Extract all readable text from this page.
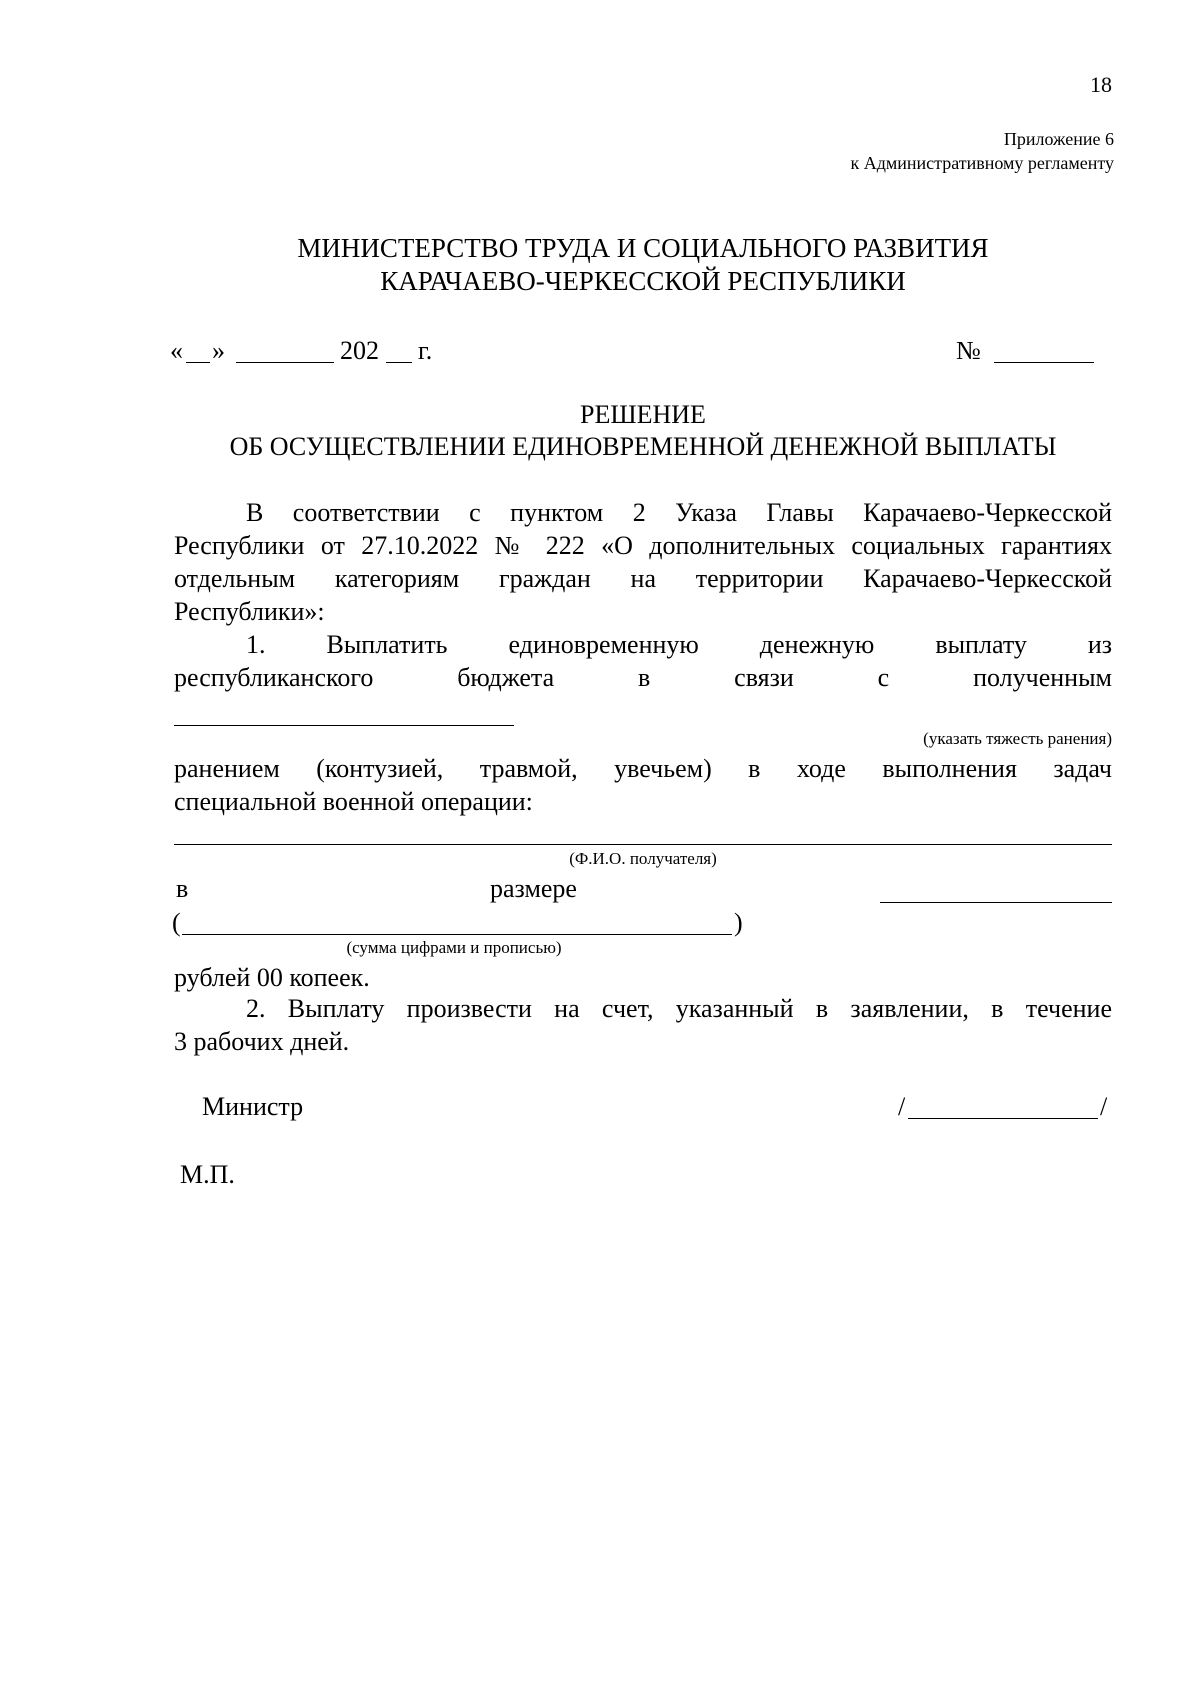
18
Приложение 6
к Административному регламенту
МИНИСТЕРСТВО ТРУДА И СОЦИАЛЬНОГО РАЗВИТИЯ
КАРАЧАЕВО-ЧЕРКЕССКОЙ РЕСПУБЛИКИ
« »	202 г.	№
РЕШЕНИЕ
ОБ ОСУЩЕСТВЛЕНИИ ЕДИНОВРЕМЕННОЙ ДЕНЕЖНОЙ ВЫПЛАТЫ
В соответствии с пунктом 2 Указа Главы Карачаево-Черкесской
Республики от 27.10.2022 № 222 «О дополнительных социальных гарантиях
отдельным категориям граждан на территории Карачаево-Черкесской
Республики»:
1. Выплатить единовременную денежную выплату из
республиканского бюджета в связи с полученным
(указать тяжесть ранения)
ранением (контузией, травмой, увечьем) в ходе выполнения задач
специальной военной операции:
(Ф.И.О. получателя)
в	размере
(	)
(сумма цифрами и прописью)
рублей 00 копеек.
2. Выплату произвести на счет, указанный в заявлении, в течение
3 рабочих дней.
Министр	/	/
М.П.
